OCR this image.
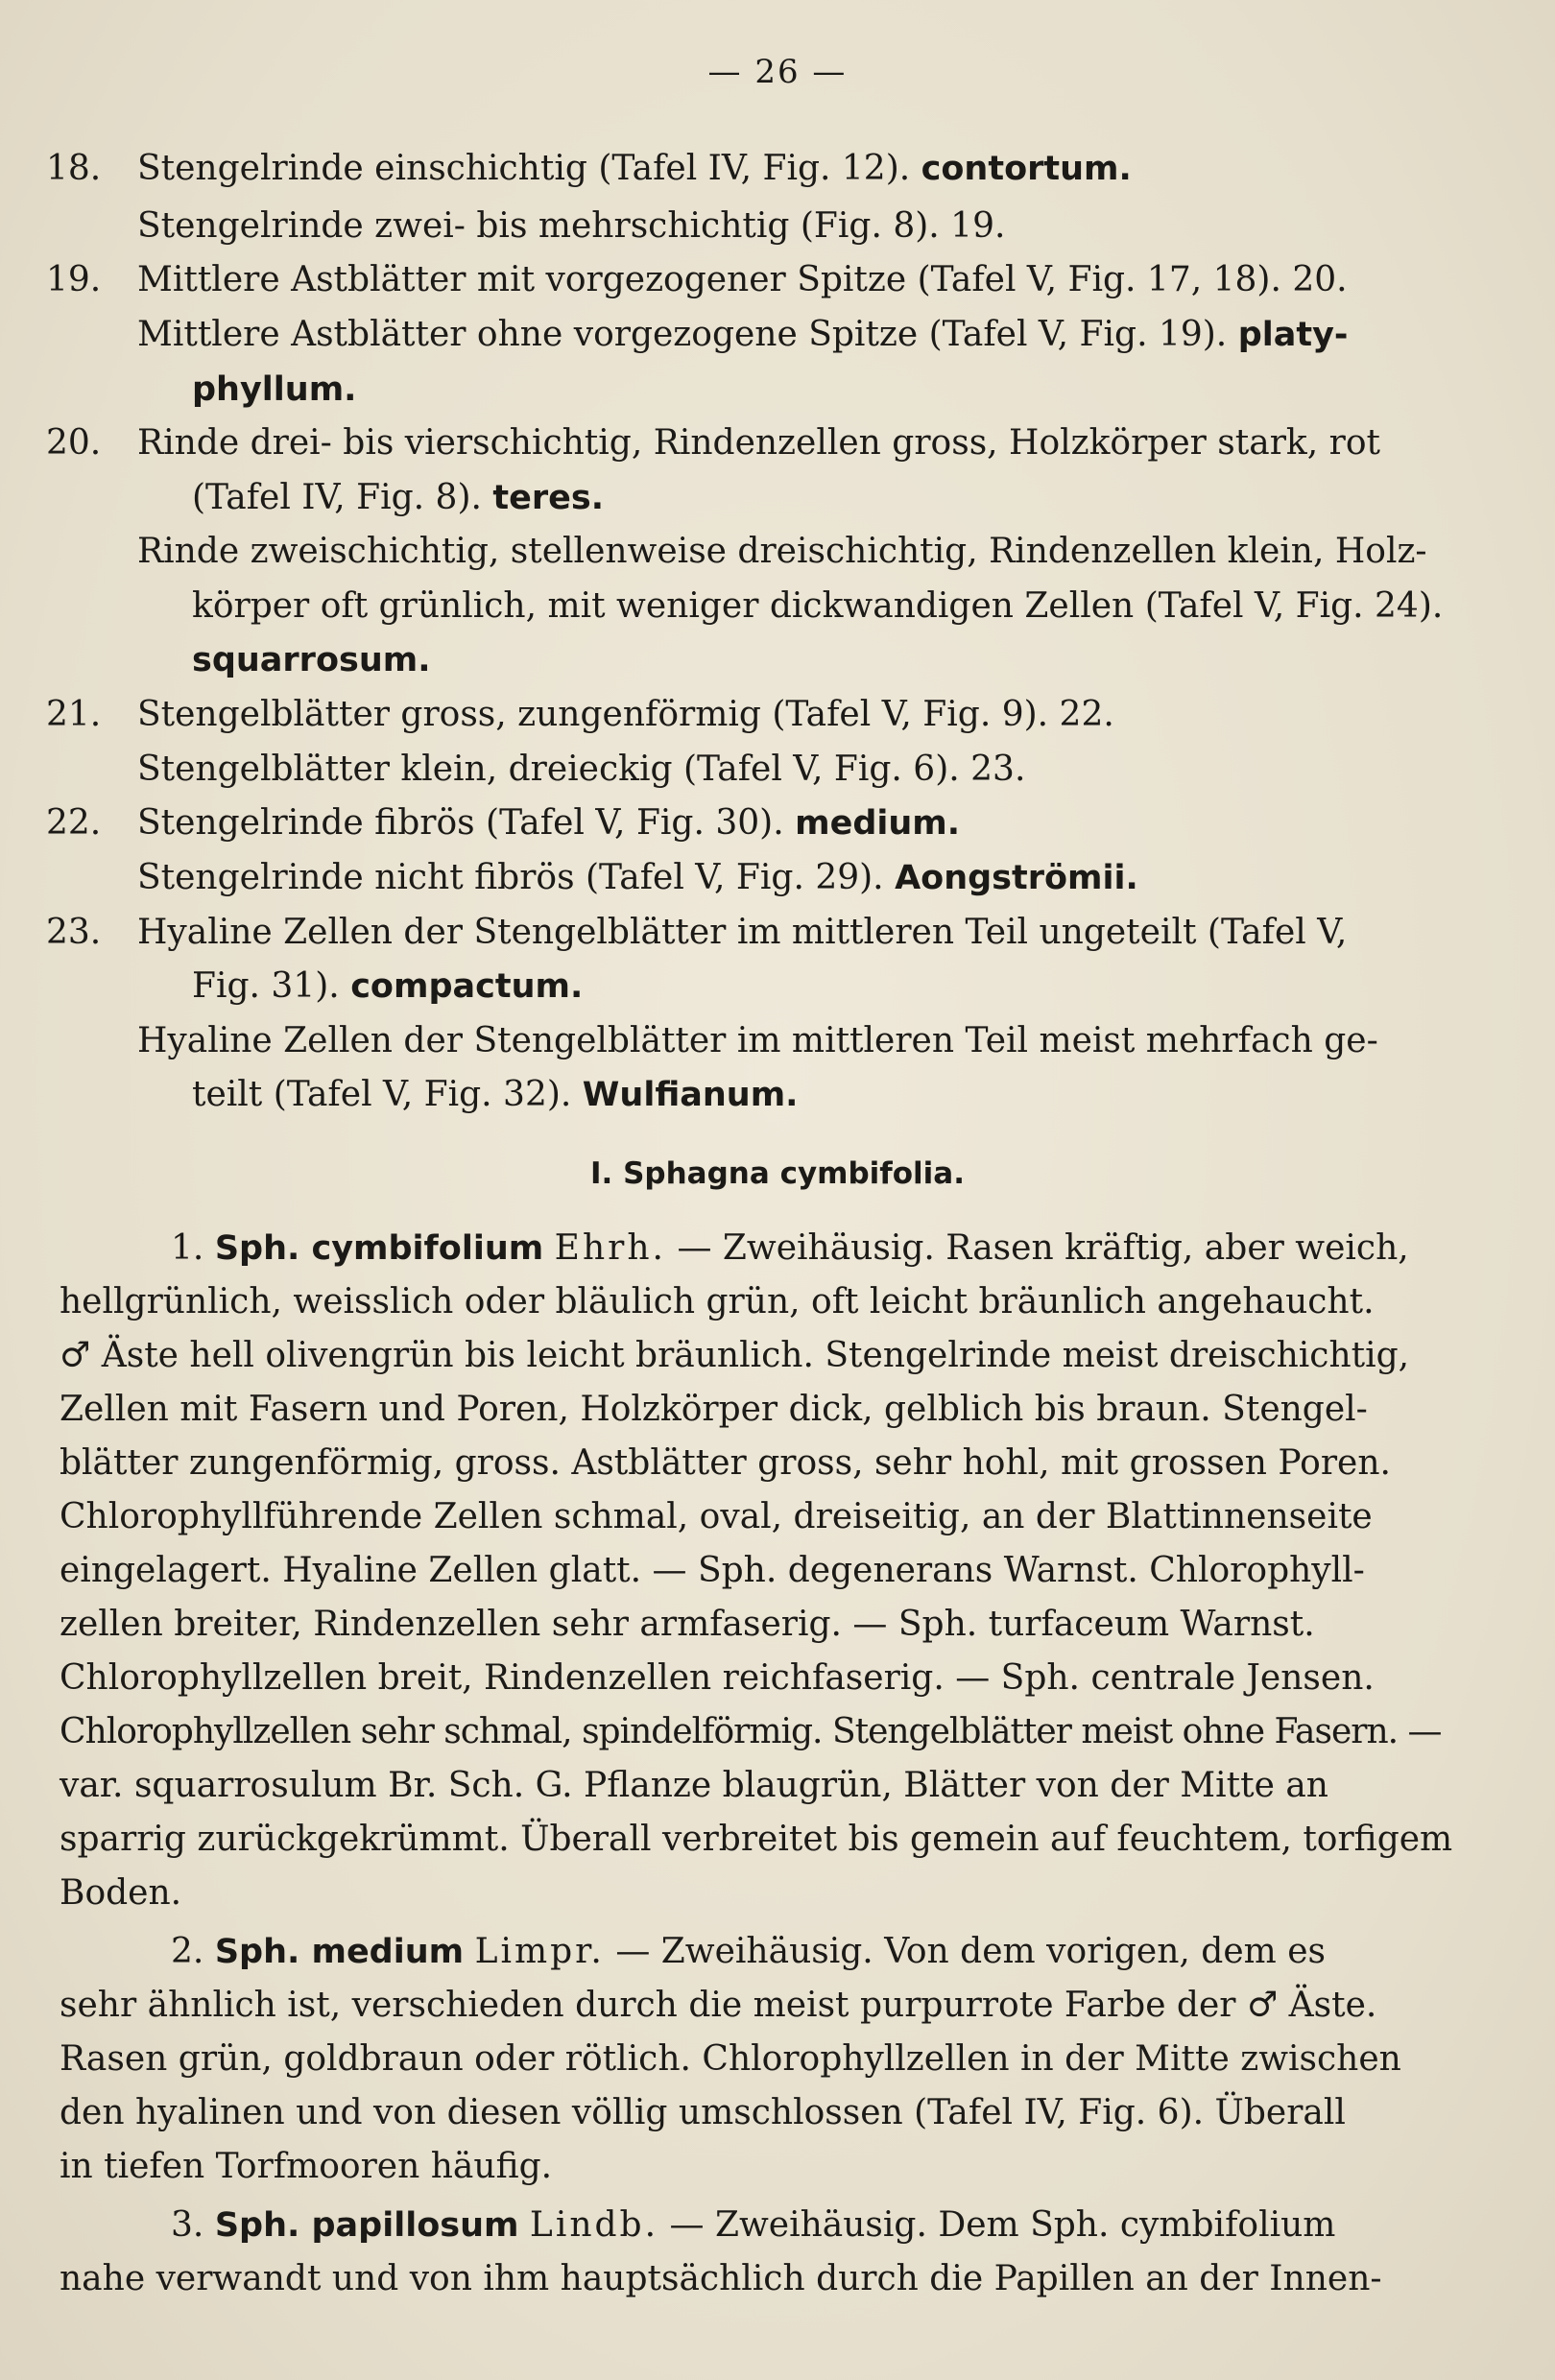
— 26 —
18. Stengelrinde einschichtig (Tafel IV, Fig. 12). contortum.
Stengelrinde zwei- bis mehrschichtig (Fig. 8). 19.
19. Mittlere Astblätter mit vorgezogener Spitze (Tafel V, Fig. 17, 18). 20.
Mittlere Astblätter ohne vorgezogene Spitze (Tafel V, Fig. 19). platy-
phyllum.
20. Rinde drei- bis vierschichtig, Rindenzellen gross, Holzkörper stark, rot
(Tafel IV, Fig. 8). teres.
Rinde zweischichtig, stellenweise dreischichtig, Rindenzellen klein, Holz-
körper oft grünlich, mit weniger dickwandigen Zellen (Tafel V, Fig. 24).
squarrosum.
21. Stengelblätter gross, zungenförmig (Tafel V, Fig. 9). 22.
Stengelblätter klein, dreieckig (Tafel V, Fig. 6). 23.
22. Stengelrinde fibrös (Tafel V, Fig. 30). medium.
Stengelrinde nicht fibrös (Tafel V, Fig. 29). Aongströmii.
23. Hyaline Zellen der Stengelblätter im mittleren Teil ungeteilt (Tafel V,
Fig. 31). compactum.
Hyaline Zellen der Stengelblätter im mittleren Teil meist mehrfach ge-
teilt (Tafel V, Fig. 32). Wulfianum.
I. Sphagna cymbifolia.
1. Sph. cymbifolium Ehrh. — Zweihäusig. Rasen kräftig, aber weich,
hellgrünlich, weisslich oder bläulich grün, oft leicht bräunlich angehaucht.
♂ Äste hell olivengrün bis leicht bräunlich. Stengelrinde meist dreischichtig,
Zellen mit Fasern und Poren, Holzkörper dick, gelblich bis braun. Stengel-
blätter zungenförmig, gross. Astblätter gross, sehr hohl, mit grossen Poren.
Chlorophyllführende Zellen schmal, oval, dreiseitig, an der Blattinnenseite
eingelagert. Hyaline Zellen glatt. — Sph. degenerans Warnst. Chlorophyll-
zellen breiter, Rindenzellen sehr armfaserig. — Sph. turfaceum Warnst.
Chlorophyllzellen breit, Rindenzellen reichfaserig. — Sph. centrale Jensen.
Chlorophyllzellen sehr schmal, spindelförmig. Stengelblätter meist ohne Fasern. —
var. squarrosulum Br. Sch. G. Pflanze blaugrün, Blätter von der Mitte an
sparrig zurückgekrümmt. Überall verbreitet bis gemein auf feuchtem, torfigem
Boden.
2. Sph. medium Limpr. — Zweihäusig. Von dem vorigen, dem es
sehr ähnlich ist, verschieden durch die meist purpurrote Farbe der ♂ Äste.
Rasen grün, goldbraun oder rötlich. Chlorophyllzellen in der Mitte zwischen
den hyalinen und von diesen völlig umschlossen (Tafel IV, Fig. 6). Überall
in tiefen Torfmooren häufig.
3. Sph. papillosum Lindb. — Zweihäusig. Dem Sph. cymbifolium
nahe verwandt und von ihm hauptsächlich durch die Papillen an der Innen-
